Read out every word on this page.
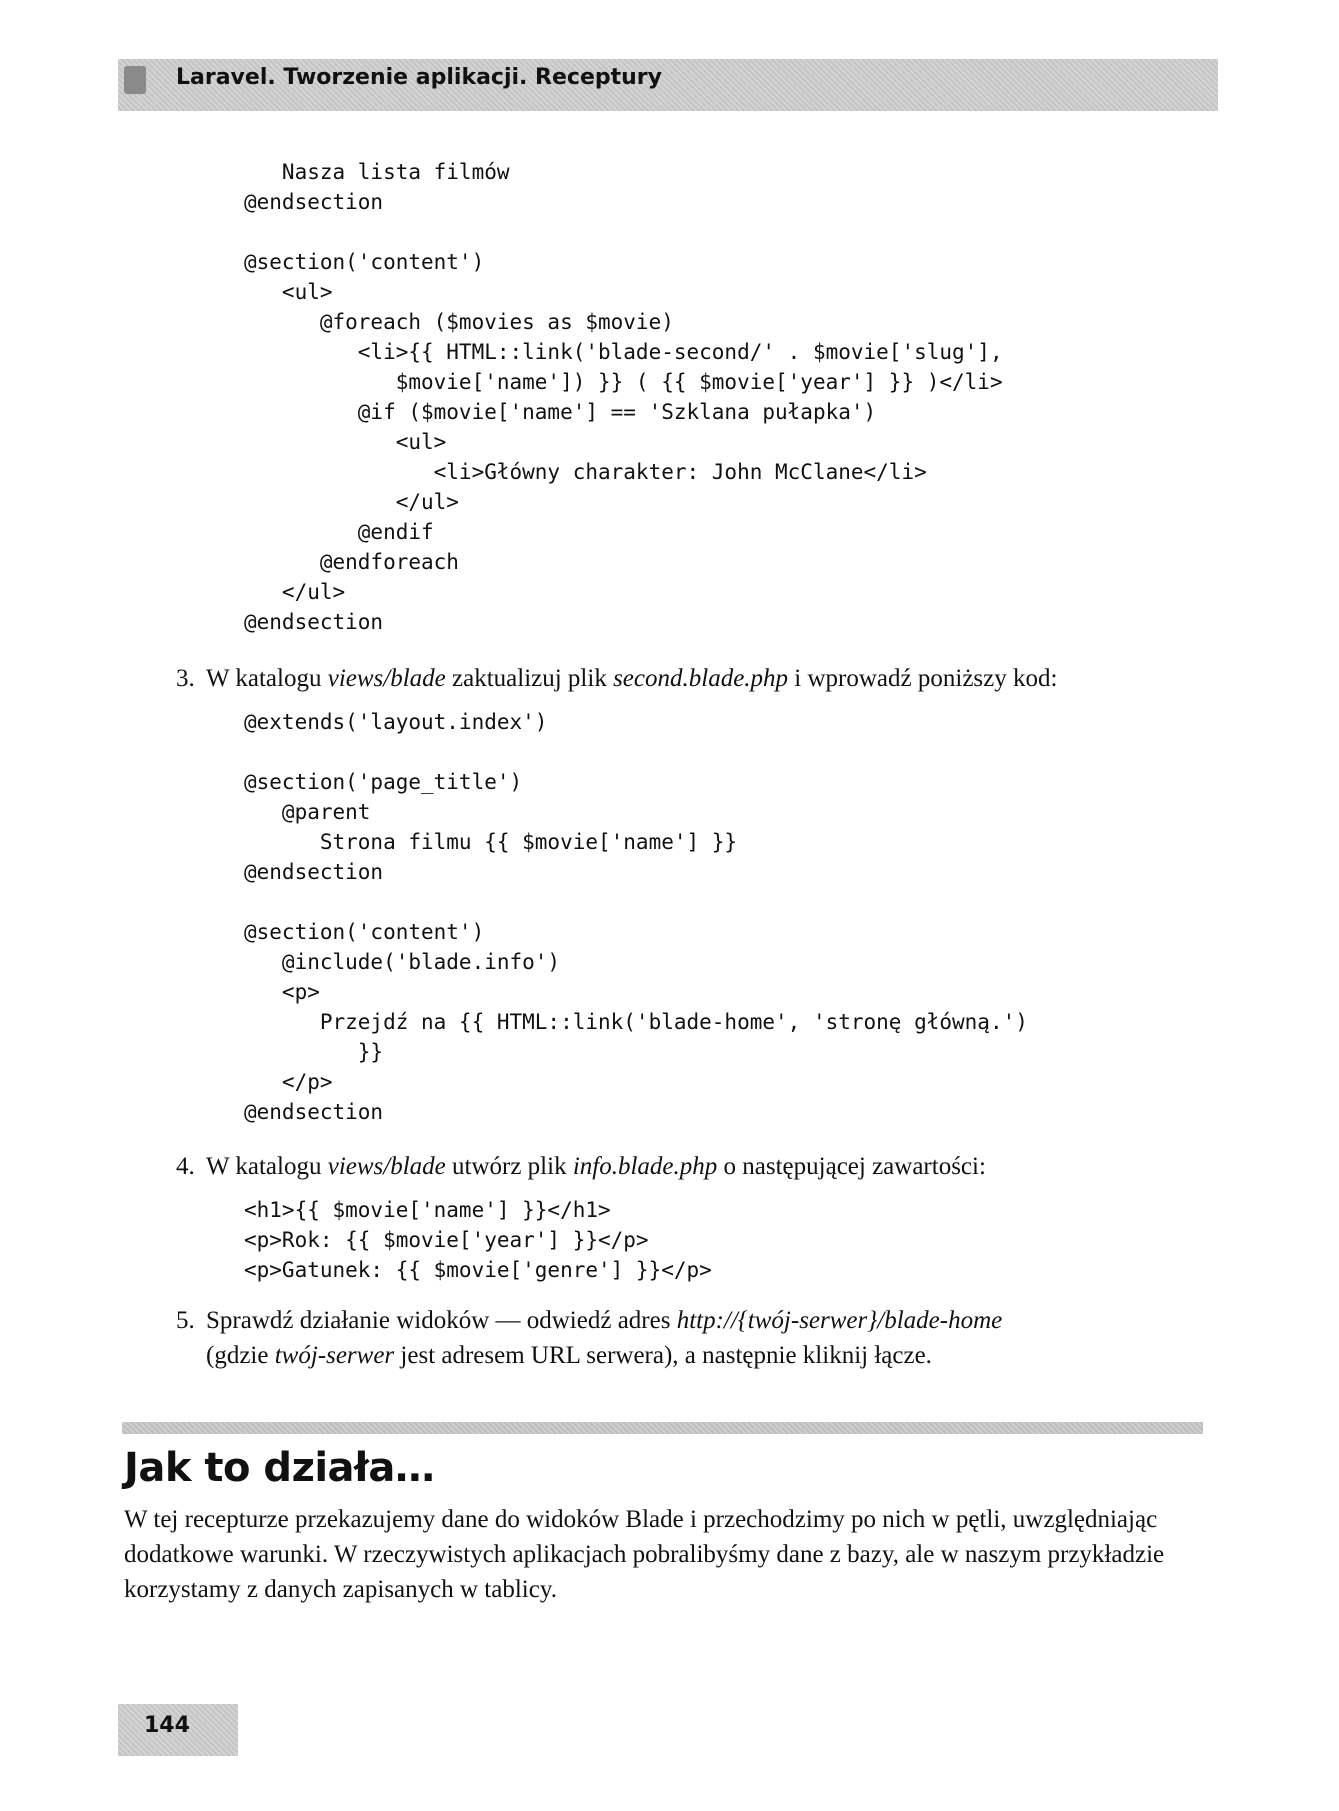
Laravel. Tworzenie aplikacji. Receptury
Nasza lista filmów
@endsection
@section('content')
<ul>
@foreach ($movies as $movie)
<li>{{ HTML::link('blade-second/' . $movie['slug'],
$movie['name']) }} ( {{ $movie['year'] }} )</li>
@if ($movie['name'] == 'Szklana pułapka')
<ul>
<li>Główny charakter: John McClane</li>
</ul>
@endif
@endforeach
</ul>
@endsection
3. W katalogu views/blade zaktualizuj plik second.blade.php i wprowadź poniższy kod:
@extends('layout.index')
@section('page_title')
@parent
Strona filmu {{ $movie['name'] }}
@endsection
@section('content')
@include('blade.info')
<p>
Przejdź na {{ HTML::link('blade-home', 'stronę główną.')
}}
</p>
@endsection
4. W katalogu views/blade utwórz plik info.blade.php o następującej zawartości:
<h1>{{ $movie['name'] }}</h1>
<p>Rok: {{ $movie['year'] }}</p>
<p>Gatunek: {{ $movie['genre'] }}</p>
5. Sprawdź działanie widoków — odwiedź adres http://{twój-serwer}/blade-home
(gdzie twój-serwer jest adresem URL serwera), a następnie kliknij łącze.
Jak to działa…

W tej recepturze przekazujemy dane do widoków Blade i przechodzimy po nich w pętli, uwzględniając dodatkowe warunki. W rzeczywistych aplikacjach pobralibyśmy dane z bazy, ale w naszym przykładzie korzystamy z danych zapisanych w tablicy.

144
